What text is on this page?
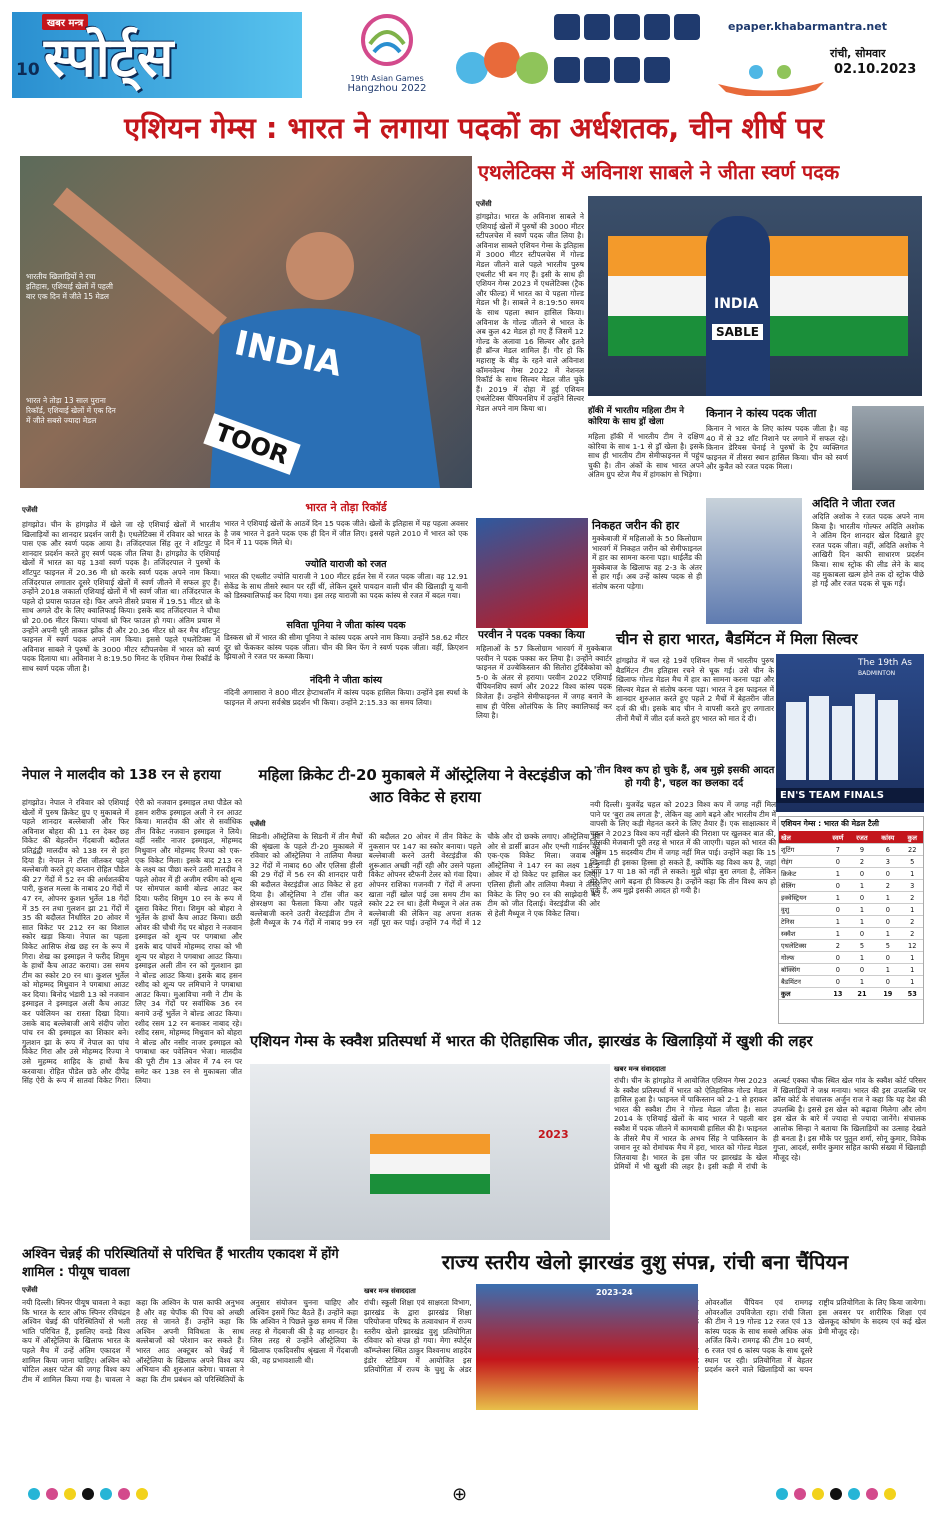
10
खबर मन्त्र
स्पोर्ट्स	19th Asian Games
Hangzhou 2022
epaper.khabarmantra.net
रांची, सोमवार
02.10.2023
एशियन गेम्स : भारत ने लगाया पदकों का अर्धशतक, चीन शीर्ष पर
INDIA
TOOR
भारतीय खिलाड़ियों ने रचा इतिहास, एशियाई खेलों में पहली बार एक दिन में जीते 15 मेडल
भारत ने तोड़ा 13 साल पुराना रिकॉर्ड, एशियाई खेलों में एक दिन में जीते सबसे ज्यादा मेडल
एथलेटिक्स में अविनाश साबले ने जीता स्वर्ण पदक
एजेंसी
हांगझोउ। भारत के अविनाश साबले ने एशियाई खेलों में पुरुषों की 3000 मीटर स्टीपलचेस में स्वर्ण पदक जीत लिया है। अविनाश साबले एशियन गेम्स के इतिहास में 3000 मीटर स्टीपलचेस में गोल्ड मेडल जीतने वाले पहले भारतीय पुरुष एथलीट भी बन गए हैं। इसी के साथ ही एशियन गेम्स 2023 में एथलेटिक्स (ट्रैक और फील्ड) में भारत का ये पहला गोल्ड मेडल भी है। साबले ने 8:19:50 समय के साथ पहला स्थान हासिल किया। अविनाश के गोल्ड जीतने से भारत के अब कुल 42 मेडल हो गए हैं जिसमें 12 गोल्ड के अलावा 16 सिल्वर और इतने ही ब्रॉन्ज मेडल शामिल हैं। गौर हो कि महाराष्ट्र के बीड़ के रहने वाले अविनाश कॉमनवेल्थ गेम्स 2022 में नेशनल रिकॉर्ड के साथ सिल्वर मेडल जीत चुके हैं। 2019 में दोहा में हुई एशियन एथलेटिक्स चैंपियनशिप में उन्होंने सिल्वर मेडल अपने नाम किया था।
INDIA
SABLE
हॉकी में भारतीय महिला टीम ने कोरिया के साथ ड्रॉ खेला
महिला हॉकी में भारतीय टीम ने दक्षिण कोरिया के साथ 1-1 से ड्रॉ खेला है। इसके साथ ही भारतीय टीम सेमीफाइनल में पहुंच चुकी है। तीन अंकों के साथ भारत अपने अंतिम ग्रुप स्टेज मैच में हांगकांग से भिड़ेगा।
किनान ने कांस्य पदक जीता
किनान ने भारत के लिए कांस्य पदक जीता है। वह 40 में से 32 शॉट निशाने पर लगाने में सफल रहे। किनान डेरियस चेनाई ने पुरुषों के ट्रैप व्यक्तिगत फाइनल में तीसरा स्थान हासिल किया। चीन को स्वर्ण और कुवैत को रजत पदक मिला।
एजेंसी
हांगझोउ। चीन के हांगझोउ में खेले जा रहे एशियाई खेलों में भारतीय खिलाड़ियों का शानदार प्रदर्शन जारी है। एथलेटिक्स में रविवार को भारत के पास एक और स्वर्ण पदक आया है। तजिंदरपाल सिंह तूर ने शॉटपुट में शानदार प्रदर्शन करते हुए स्वर्ण पदक जीत लिया है। हांगझोउ के एशियाई खेलों में भारत का यह 13वां स्वर्ण पदक है। तजिंदरपाल ने पुरुषों के शॉटपुट फाइनल में 20.36 मी थ्रो करके स्वर्ण पदक अपने नाम किया। तजिंदरपाल लगातार दूसरे एशियाई खेलों में स्वर्ण जीतने में सफल हुए हैं। उन्होंने 2018 जकार्ता एशियाई खेलों में भी स्वर्ण जीता था। तजिंदरपाल के पहले दो प्रयास फाउल रहे। फिर अपने तीसरे प्रयास में 19.51 मीटर थ्रो के साथ अगले दौर के लिए क्वालिफाई किया। इसके बाद तजिंदरपाल ने चौथा थ्रो 20.06 मीटर किया। पांचवां थ्रो फिर फाउल हो गया। अंतिम प्रयास में उन्होंने अपनी पूरी ताकत झोंक दी और 20.36 मीटर थ्रो कर मैच शॉटपुट फाइनल में स्वर्ण पदक अपने नाम किया। इससे पहले एथलेटिक्स में अविनाश साबले ने पुरुषों के 3000 मीटर स्टीपलचेस में भारत को स्वर्ण पदक दिलाया था। अविनाश ने 8:19.50 मिनट के एशियन गेम्स रिकॉर्ड के साथ स्वर्ण पदक जीता है।
भारत ने तोड़ा रिकॉर्ड
भारत ने एशियाई खेलों के आठवें दिन 15 पदक जीते। खेलों के इतिहास में यह पहला अवसर है जब भारत ने इतने पदक एक ही दिन में जीत लिए। इससे पहले 2010 में भारत को एक दिन में 11 पदक मिले थे।
ज्योति याराजी को रजत
भारत की एथलीट ज्योति याराजी ने 100 मीटर हर्डल रेस में रजत पदक जीता। वह 12.91 सेकेंड के साथ तीसरे स्थान पर रहीं थीं, लेकिन दूसरे पायदान वाली चीन की खिलाड़ी यू यानी को डिस्क्वालिफाई कर दिया गया। इस तरह याराजी का पदक कांस्य से रजत में बदल गया।
सविता पूनिया ने जीता कांस्य पदक
डिस्कस थ्रो में भारत की सीमा पूनिया ने कांस्य पदक अपने नाम किया। उन्होंने 58.62 मीटर दूर थ्रो फेंककर कांस्य पदक जीता। चीन की बिन फेंग ने स्वर्ण पदक जीता। वहीं, क्रिएशन झियाओ ने रजत पर कब्जा किया।
नंदिनी ने जीता कांस्य
नंदिनी अगासारा ने 800 मीटर हेप्टाथलॉन में कांस्य पदक हासिल किया। उन्होंने इस स्पर्धा के फाइनल में अपना सर्वश्रेष्ठ प्रदर्शन भी किया। उन्होंने 2:15.33 का समय लिया।
निकहत जरीन की हार
मुक्केबाजी में महिलाओं के 50 किलोग्राम भारवर्ग में निकहत जरीन को सेमीफाइनल में हार का सामना करना पड़ा। थाईलैंड की मुक्केबाज के खिलाफ वह 2-3 के अंतर से हार गईं। अब उन्हें कांस्य पदक से ही संतोष करना पड़ेगा।
अदिति ने जीता रजत
अदिति अशोक ने रजत पदक अपने नाम किया है। भारतीय गोल्फर अदिति अशोक ने अंतिम दिन शानदार खेल दिखाते हुए रजत पदक जीता। वहीं, अदिति अशोक ने आखिरी दिन काफी साधारण प्रदर्शन किया। साथ स्ट्रोक की लीड लेने के बाद वह मुकाबला खत्म होने तक दो स्ट्रोक पीछे हो गईं और रजत पदक से चूक गईं।
परवीन ने पदक पक्का किया
महिलाओं के 57 किलोग्राम भारवर्ग में मुक्केबाज परवीन ने पदक पक्का कर लिया है। उन्होंने क्वार्टर फाइनल में उज्बेकिस्तान की सितोरा टुर्दिबेकोवा को 5-0 के अंतर से हराया। परवीन 2022 एशियाई चैंपियनशिप स्वर्ण और 2022 विश्व कांस्य पदक विजेता हैं। उन्होंने सेमीफाइनल में जगह बनाने के साथ ही पेरिस ओलंपिक के लिए क्वालिफाई कर लिया है।
चीन से हारा भारत, बैडमिंटन में मिला सिल्वर
हांगझोउ में चल रहे 19वें एशियन गेम्स में भारतीय पुरुष बैडमिंटन टीम इतिहास रचने से चूक गई। उसे चीन के खिलाफ गोल्ड मेडल मैच में हार का सामना करना पड़ा और सिल्वर मेडल से संतोष करना पड़ा। भारत ने इस फाइनल में शानदार शुरुआत करते हुए पहले 2 मैचों में बेहतरीन जीत दर्ज की थी। इसके बाद चीन ने वापसी करते हुए लगातार तीनों मैचों में जीत दर्ज करते हुए भारत को मात दे दी।
The 19th As
BADMINTON
EN'S TEAM FINALS
नेपाल ने मालदीव को 138 रन से हराया
हांगझोउ। नेपाल ने रविवार को एशियाई खेलों में पुरुष क्रिकेट ग्रुप ए मुकाबले में पहले शानदार बल्लेबाजी और फिर अविनाश बोहरा की 11 रन देकर छह विकेट की बेहतरीन गेंदबाजी बदौलत प्रतिद्वंद्वी मालदीव को 138 रन से हरा दिया है। नेपाल ने टॉस जीतकर पहले बल्लेबाजी करते हुए कप्तान रोहित पौडेल की 27 गेंदों में 52 रन की अर्धशतकीय पारी, कुशल मल्ला के नाबाद 20 गेंदों में 47 रन, ओपनर कुशल भुर्तेल 18 गेंदों में 35 रन तथा गुलशन झा 21 गेंदों में 35 की बदौलत निर्धारित 20 ओवर में सात विकेट पर 212 रन का विशाल स्कोर खड़ा किया। नेपाल का पहला विकेट आसिफ शेख छह रन के रूप में गिरा। शेख का इस्माइल ने फरीद शिमुम के हाथों कैच आउट कराया। उस समय टीम का स्कोर 20 रन था। कुशल भुर्तेल को मोहम्मद मिथुवान ने पगबाधा आउट कर दिया। बिनोद भंडारी 13 को नजवान इस्माइल ने इस्माइल अली कैच आउट कर पवेलियन का रास्ता दिखा दिया। उसके बाद बल्लेबाजी आये संदीप जोरा पांच रन की इस्माइल का शिकार बने। गुलशन झा के रूप में नेपाल का पांच विकेट गिरा और उसे मोहम्मद रिज्या ने उसे मुहम्मद शाहिद के हाथों कैच करवाया। रोहित पौडेल छठे और दीपेंद्र सिंह ऐरी के रूप में सातवां विकेट गिरा। ऐरी को नजवान इस्माइल तथा पौडेल को हसन शरीफ इस्माइल अली ने रन आउट किया। मालदीव की ओर से सर्वाधिक तीन विकेट नजवान इस्माइल ने लिये। वहीं नसीर नाजर इस्माइल, मोहम्मद मिथुवान और मोहम्मद रिज्या को एक-एक विकेट मिला। इसके बाद 213 रन के लक्ष्य का पीछा करने उतरी मालदीव ने पहले ओवर में ही अजीम रफीग को शून्य पर सोमपाल कामी बोल्ड आउट कर दिया। फरीद शिमुम 10 रन के रूप में दूसरा विकेट गिरा। शिमुम को बोहरा ने भुर्तेल के हाथों कैच आउट किया। छठी ओवर की चौथी गेंद पर बोहरा ने नजवान इस्माइल को शून्य पर पगबाधा और इसके बाद पांचवें मोहम्मद राफा को भी शून्य पर बोहरा ने पगबाधा आउट किया। इस्माइल अली तीन रन को गुलशान झा ने बोल्ड आउट किया। इसके बाद हसन रशीद को शून्य पर लमिचाने ने पगबाधा आउट किया। मुआविचा नमी ने टीम के लिए 34 गेंदों पर सर्वाधिक 36 रन बनाये उन्हें भुर्तेल ने बोल्ड आउट किया। रशीद रसम 12 रन बनाकर नाबाद रहे। रशीद रसम, मोहम्मद मिथुवान को बोहरा ने बोल्ड और नसीर नाजर इस्माइल को पगबाधा कर पवेलियन भेजा। मालदीव की पूरी टीम 13 ओवर में 74 रन पर समेट कर 138 रन से मुकाबला जीत लिया।
महिला क्रिकेट टी-20 मुकाबले में ऑस्ट्रेलिया ने वेस्टइंडीज को आठ विकेट से हराया
एजेंसी
सिडनी। ऑस्ट्रेलिया के सिडनी में तीन मैचों की श्रृंखला के पहले टी-20 मुकाबले में रविवार को ऑस्ट्रेलिया ने तालिया मैक्ग्रा 32 गेंदों में नाबाद 60 और एलिसा हीली की 29 गेंदों में 56 रन की शानदार पारी की बदौलत वेस्टइंडीज आठ विकेट से हरा दिया है। ऑस्ट्रेलिया ने टॉस जीत कर क्षेत्ररक्षण का फैसला किया और पहले बल्लेबाजी करने उतरी वेस्टइंडीज टीम ने हेली मैथ्यूज के 74 गेंदों में नाबाद 99 रन की बदौलत 20 ओवर में तीन विकेट के नुकसान पर 147 का स्कोर बनाया। पहले बल्लेबाजी करने उतरी वेस्टइंडीज की शुरूआत अच्छी नहीं रही और उसने पहला विकेट ओपनर स्टैफनी टेलर को गंवा दिया। ओपनर राशिका गजनवी 7 गेंदों में अपना खाता नहीं खोल पाई उस समय टीम का स्कोर 22 रन था। हेली मैथ्यूज ने अंत तक बल्लेबाजी की लेकिन वह अपना शतक नहीं पूरा कर पाई। उन्होंने 74 गेंदों में 12 चौके और दो छक्के लगाए। ऑस्ट्रेलिया की ओर से डार्सी ब्राउन और एश्ली गार्डनर को एक-एक विकेट मिला। जवाब में ऑस्ट्रेलिया ने 147 रन का लक्ष्य 18.2 ओवर में दो विकेट पर हासिल कर लिया। एलिसा हीली और तालिया मैक्ग्रा ने तीसरे विकेट के लिए 90 रन की साझेदारी कर टीम को जीत दिलाई। वेस्टइंडीज की ओर से हेली मैथ्यूज ने एक विकेट लिया।
'तीन विश्व कप हो चुके हैं, अब मुझे इसकी आदत हो गयी है', चहल का छलका दर्द
नयी दिल्ली। युजवेंद्र चहल को 2023 विश्व कप में जगह नहीं मिल पाने पर 'बुरा तब लगता है', लेकिन वह आगे बढ़ने और भारतीय टीम में वापसी के लिए कड़ी मेहनत करने के लिए तैयार हैं। एक साक्षात्कार में चहल ने 2023 विश्व कप नहीं खेलने की निराशा पर खुलकर बात की, जिसकी मेजबानी पूरी तरह से भारत में की जाएगी। चहल को भारत की अंतिम 15 सदस्यीय टीम में जगह नहीं मिल पाई। उन्होंने कहा कि 15 खिलाड़ी ही इसका हिस्सा हो सकते हैं, क्योंकि यह विश्व कप है, जहां आप 17 या 18 को नहीं ले सकते। मुझे थोड़ा बुरा लगता है, लेकिन मेरे लिए आगे बढ़ना ही विकल्प है। उन्होंने कहा कि तीन विश्व कप हो चुके हैं, अब मुझे इसकी आदत हो गयी है।
एशियन गेम्स : भारत की मेडल टैली
खेल	स्वर्ण	रजत	कांस्य	कुल
शूटिंग	7	9	6	22
रोइंग	0	2	3	5
क्रिकेट	1	0	0	1
सेलिंग	0	1	2	3
इक्वेस्ट्रियन	1	0	1	2
वुशु	0	1	0	1
टेनिस	1	1	0	2
स्क्वैश	1	0	1	2
एथलेटिक्स	2	5	5	12
गोल्फ	0	1	0	1
बॉक्सिंग	0	0	1	1
बैडमिंटन	0	1	0	1
कुल	13	21	19	53
एशियन गेम्स के स्क्वैश प्रतिस्पर्धा में भारत की ऐतिहासिक जीत, झारखंड के खिलाड़ियों में खुशी की लहर
2023
खबर मन्त्र संवाददाता
रांची। चीन के हांगझोउ में आयोजित एशियन गेम्स 2023 के स्क्वैश प्रतिस्पर्धा में भारत को ऐतिहासिक गोल्ड मेडल हासिल हुआ है। फाइनल में पाकिस्तान को 2-1 से हराकर भारत की स्क्वैश टीम ने गोल्ड मेडल जीता है। साल 2014 के एशियाई खेलों के बाद भारत ने पहली बार स्क्वैश में पदक जीतने में कामयाबी हासिल की है। फाइनल के तीसरे मैच में भारत के अभय सिंह ने पाकिस्तान के जमान नूर को रोमांचक मैच में हरा, भारत को गोल्ड मेडल जितवाया है। भारत के इस जीत पर झारखंड के खेल प्रेमियों में भी खुशी की लहर है। इसी कड़ी में रांची के अल्बर्ट एक्का चौक स्थित खेल गांव के स्क्वैश कोर्ट परिसर में खिलाड़ियों ने जश्न मनाया। भारत की इस उपलब्धि पर क्रॉस कोर्ट के संचालक अर्जुन राज ने कहा कि यह देश की उपलब्धि है। इससे इस खेल को बढ़ावा मिलेगा और लोग इस खेल के बारे में ज्यादा से ज्यादा जानेंगे। संचालक आलोक सिन्हा ने बताया कि खिलाड़ियों का उत्साह देखते ही बनता है। इस मौके पर पुतुल शर्मा, सोनू कुमार, विवेक गुप्ता, आदर्श, समीर कुमार सहित काफी संख्या में खिलाड़ी मौजूद रहे।
अश्विन चेन्नई की परिस्थितियों से परिचित हैं भारतीय एकादश में होंगे शामिल : पीयूष चावला
एजेंसी
नयी दिल्ली। स्पिनर पीयूष चावला ने कहा कि भारत के स्टार ऑफ स्पिनर रविचंद्रन अश्विन चेन्नई की परिस्थितियों से भली भांति परिचित हैं, इसलिए वनडे विश्व कप में ऑस्ट्रेलिया के खिलाफ भारत के पहले मैच में उन्हें अंतिम एकादश में शामिल किया जाना चाहिए। अश्विन को चोटिल अक्षर पटेल की जगह विश्व कप टीम में शामिल किया गया है। चावला ने कहा कि अश्विन के पास काफी अनुभव है और वह चेपॉक की पिच को अच्छी तरह से जानते हैं। उन्होंने कहा कि अश्विन अपनी विविधता के साथ बल्लेबाजों को परेशान कर सकते हैं। भारत आठ अक्टूबर को चेन्नई में ऑस्ट्रेलिया के खिलाफ अपने विश्व कप अभियान की शुरुआत करेगा। चावला ने कहा कि टीम प्रबंधन को परिस्थितियों के अनुसार संयोजन चुनना चाहिए और अश्विन इसमें फिट बैठते हैं। उन्होंने कहा कि अश्विन ने पिछले कुछ समय में जिस तरह से गेंदबाजी की है वह शानदार है। जिस तरह से उन्होंने ऑस्ट्रेलिया के खिलाफ एकदिवसीय श्रृंखला में गेंदबाजी की, वह प्रभावशाली थी।
राज्य स्तरीय खेलो झारखंड वुशु संपन्न, रांची बना चैंपियन
खबर मन्त्र संवाददाता
रांची। स्कूली शिक्षा एवं साक्षरता विभाग, झारखंड के द्वारा झारखंड शिक्षा परियोजना परिषद के तत्वावधान में राज्य स्तरीय खेलो झारखंड वुशु प्रतियोगिता रविवार को संपन्न हो गया। मेगा स्पोर्ट्स कॉम्प्लेक्स स्थित ठाकुर विश्वनाथ शाहदेव इंडोर स्टेडियम में आयोजित इस प्रतियोगिता में राज्य के चुशु के अंडर ओवरऑल चैंपियन एवं रामगढ़ ओवरऑल उपविजेता रहा। रांची जिला की टीम ने 19 गोल्ड 12 रजत एवं 13 कांस्य पदक के साथ सबसे अधिक अंक अर्जित किये। रामगढ़ की टीम 10 स्वर्ण, 6 रजत एवं 6 कांस्य पदक के साथ दूसरे स्थान पर रही। प्रतियोगिता में बेहतर प्रदर्शन करने वाले खिलाड़ियों का चयन राष्ट्रीय प्रतियोगिता के लिए किया जायेगा। इस अवसर पर शारीरिक शिक्षा एवं खेलकूद कोषांग के सदस्य एवं कई खेल प्रेमी मौजूद रहे।
2023-24
⊕
